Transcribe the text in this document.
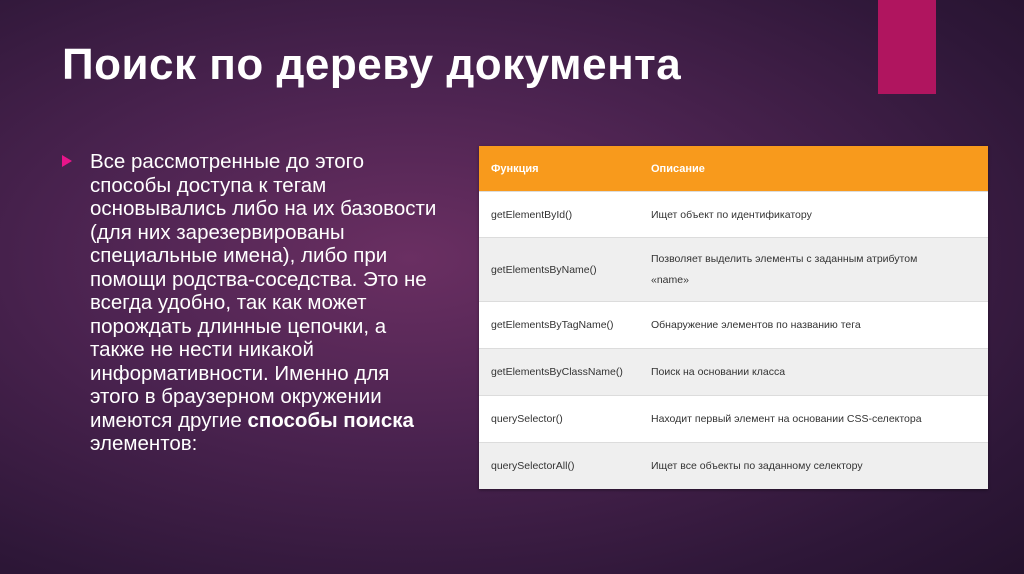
Поиск по дереву документа

Все рассмотренные до этого способы доступа к тегам основывались либо на их базовости (для них зарезервированы специальные имена), либо при помощи родства-соседства. Это не всегда удобно, так как может порождать длинные цепочки, а также не нести никакой информативности. Именно для этого в браузерном окружении имеются другие способы поиска элементов:

Функция	Описание
getElementById()	Ищет объект по идентификатору
getElementsByName()	Позволяет выделить элементы с заданным атрибутом «name»

getElementsByTagName()	Обнаружение элементов по названию тега
getElementsByClassName()	Поиск на основании класса
querySelector()	Находит первый элемент на основании CSS-селектора
querySelectorAll()	Ищет все объекты по заданному селектору
